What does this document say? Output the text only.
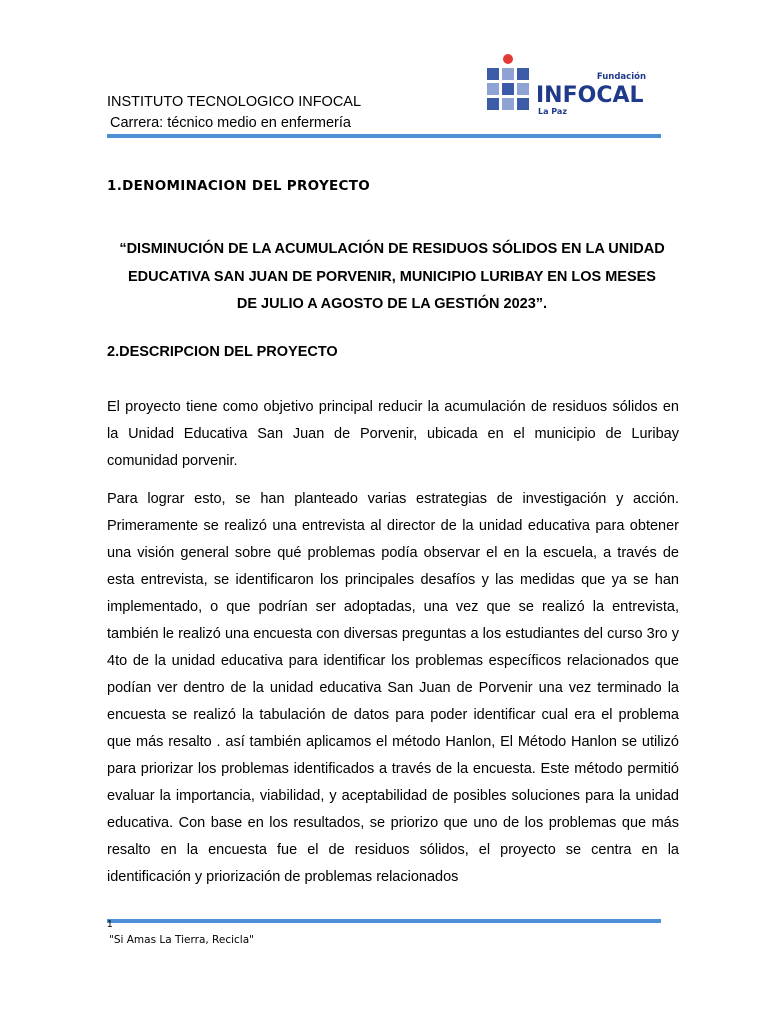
INSTITUTO TECNOLOGICO INFOCAL
Carrera: técnico medio en enfermería
Fundación
INFOCAL
La Paz
1.DENOMINACION DEL PROYECTO
“DISMINUCIÓN DE LA ACUMULACIÓN DE RESIDUOS SÓLIDOS EN LA UNIDAD
EDUCATIVA SAN JUAN DE PORVENIR, MUNICIPIO LURIBAY EN LOS MESES
DE JULIO A AGOSTO DE LA GESTIÓN 2023”.
2.DESCRIPCION DEL PROYECTO

El proyecto tiene como objetivo principal reducir la acumulación de residuos sólidos en la Unidad Educativa San Juan de Porvenir, ubicada en el municipio de Luribay comunidad porvenir.

Para lograr esto, se han planteado varias estrategias de investigación y acción. Primeramente se realizó una entrevista al director de la unidad educativa para obtener una visión general sobre qué problemas podía observar el en la escuela, a través de esta entrevista, se identificaron los principales desafíos y las medidas que ya se han implementado, o que podrían ser adoptadas, una vez que se realizó la entrevista, también le realizó una encuesta con diversas preguntas a los estudiantes del curso 3ro y 4to de la unidad educativa para identificar los problemas específicos relacionados que podían ver dentro de la unidad educativa San Juan de Porvenir una vez terminado la encuesta se realizó la tabulación de datos para poder identificar cual era el problema que más resalto . así también aplicamos el método Hanlon, El Método Hanlon se utilizó para priorizar los problemas identificados a través de la encuesta. Este método permitió evaluar la importancia, viabilidad, y aceptabilidad de posibles soluciones para la unidad educativa. Con base en los resultados, se priorizo que uno de los problemas que más resalto en la encuesta fue el de residuos sólidos, el proyecto se centra en la identificación y priorización de problemas relacionados

1
"Si Amas La Tierra, Recicla"
